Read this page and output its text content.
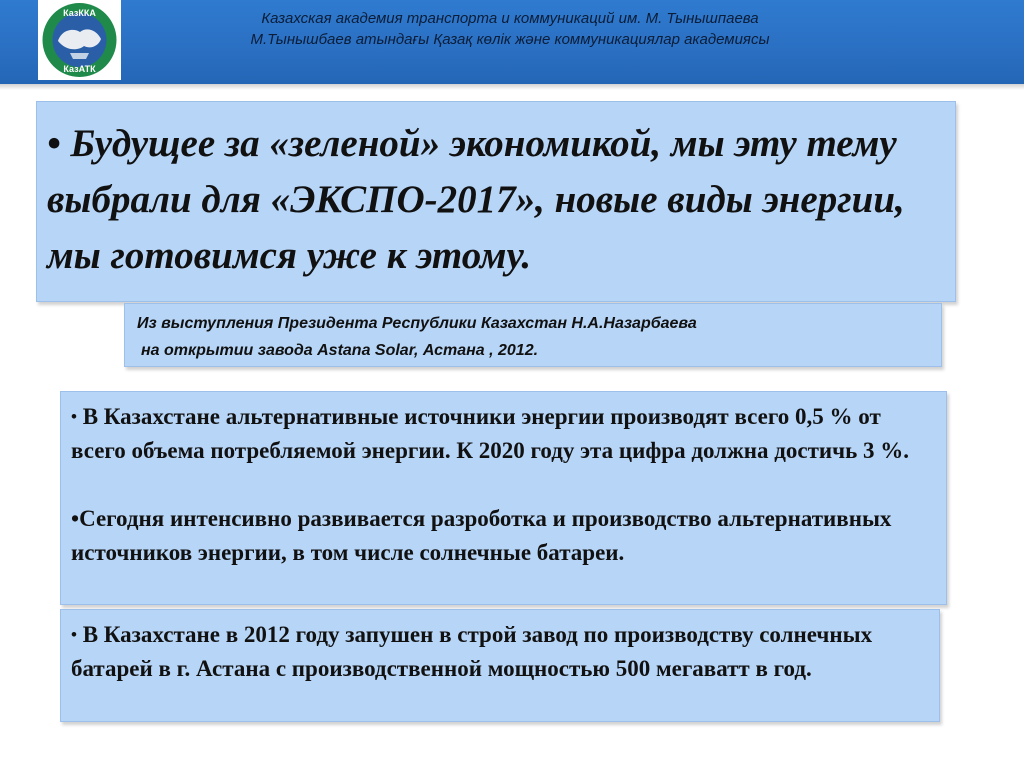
КазККА
КазАТК
Казахская академия транспорта и коммуникаций им. М. Тынышпаева
М.Тынышбаев атындағы Қазақ көлік және коммуникациялар академиясы
• Будущее за «зеленой» экономикой, мы эту тему выбрали для «ЭКСПО-2017», новые виды энергии, мы готовимся уже к этому.
Из выступления Президента Республики Казахстан Н.А.Назарбаева
на открытии завода Astana Solar, Астана , 2012.
• В Казахстане альтернативные источники энергии производят всего 0,5 % от всего объема потребляемой энергии. К 2020 году эта цифра должна достичь 3 %.
•Сегодня интенсивно развивается разроботка и производство альтернативных источников энергии, в том числе солнечные батареи.
• В Казахстане в 2012 году запушен в строй завод по производству солнечных батарей в г. Астана с производственной мощностью 500 мегаватт в год.
